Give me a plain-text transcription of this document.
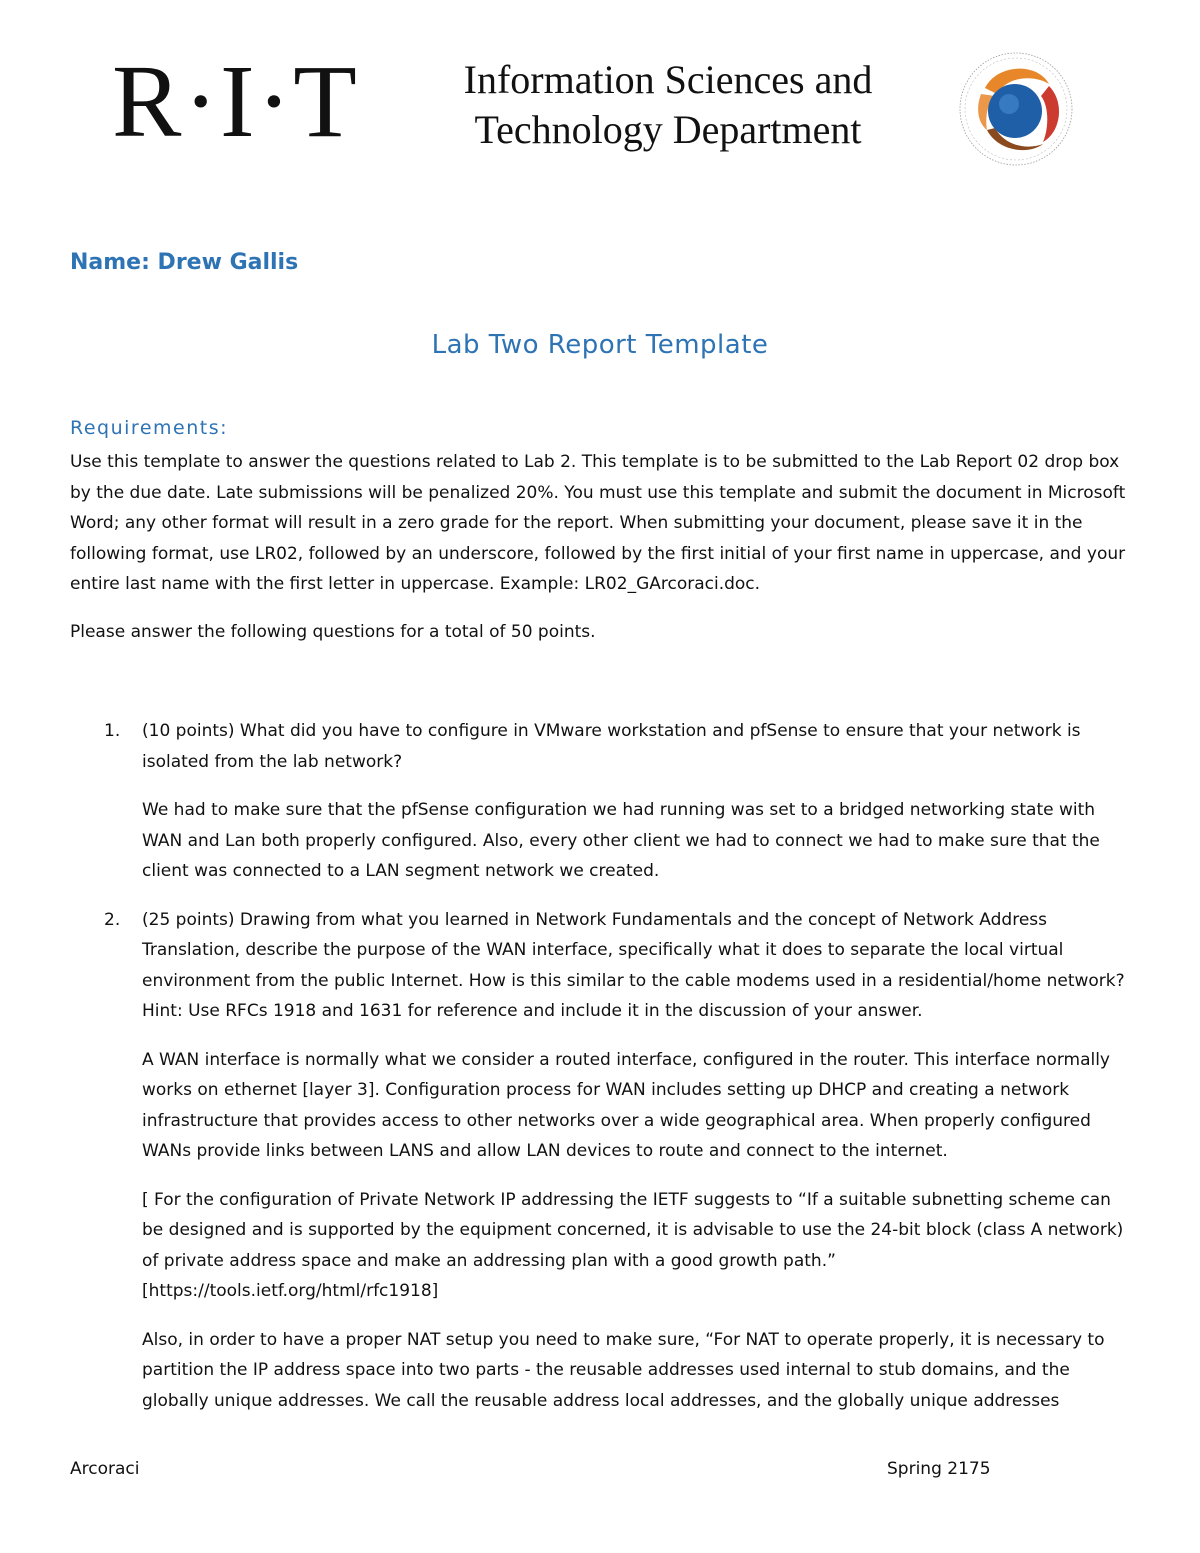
R·I·T	Information Sciences and
Technology Department
Name: Drew Gallis
Lab Two Report Template
Requirements:

Use this template to answer the questions related to Lab 2. This template is to be submitted to the Lab Report 02 drop box by the due date. Late submissions will be penalized 20%. You must use this template and submit the document in Microsoft Word; any other format will result in a zero grade for the report. When submitting your document, please save it in the following format, use LR02, followed by an underscore, followed by the first initial of your first name in uppercase, and your entire last name with the first letter in uppercase. Example: LR02_GArcoraci.doc.

Please answer the following questions for a total of 50 points.

1. (10 points) What did you have to configure in VMware workstation and pfSense to ensure that your network is isolated from the lab network?

We had to make sure that the pfSense configuration we had running was set to a bridged networking state with WAN and Lan both properly configured. Also, every other client we had to connect we had to make sure that the client was connected to a LAN segment network we created.

2. (25 points) Drawing from what you learned in Network Fundamentals and the concept of Network Address Translation, describe the purpose of the WAN interface, specifically what it does to separate the local virtual environment from the public Internet. How is this similar to the cable modems used in a residential/home network? Hint: Use RFCs 1918 and 1631 for reference and include it in the discussion of your answer.

A WAN interface is normally what we consider a routed interface, configured in the router. This interface normally works on ethernet [layer 3]. Configuration process for WAN includes setting up DHCP and creating a network infrastructure that provides access to other networks over a wide geographical area. When properly configured WANs provide links between LANS and allow LAN devices to route and connect to the internet.

[ For the configuration of Private Network IP addressing the IETF suggests to “If a suitable subnetting scheme can be designed and is supported by the equipment concerned, it is advisable to use the 24-bit block (class A network) of private address space and make an addressing plan with a good growth path.” [https://tools.ietf.org/html/rfc1918]

Also, in order to have a proper NAT setup you need to make sure, “For NAT to operate properly, it is necessary to partition the IP address space into two parts - the reusable addresses used internal to stub domains, and the globally unique addresses. We call the reusable address local addresses, and the globally unique addresses

Arcoraci	Spring 2175
